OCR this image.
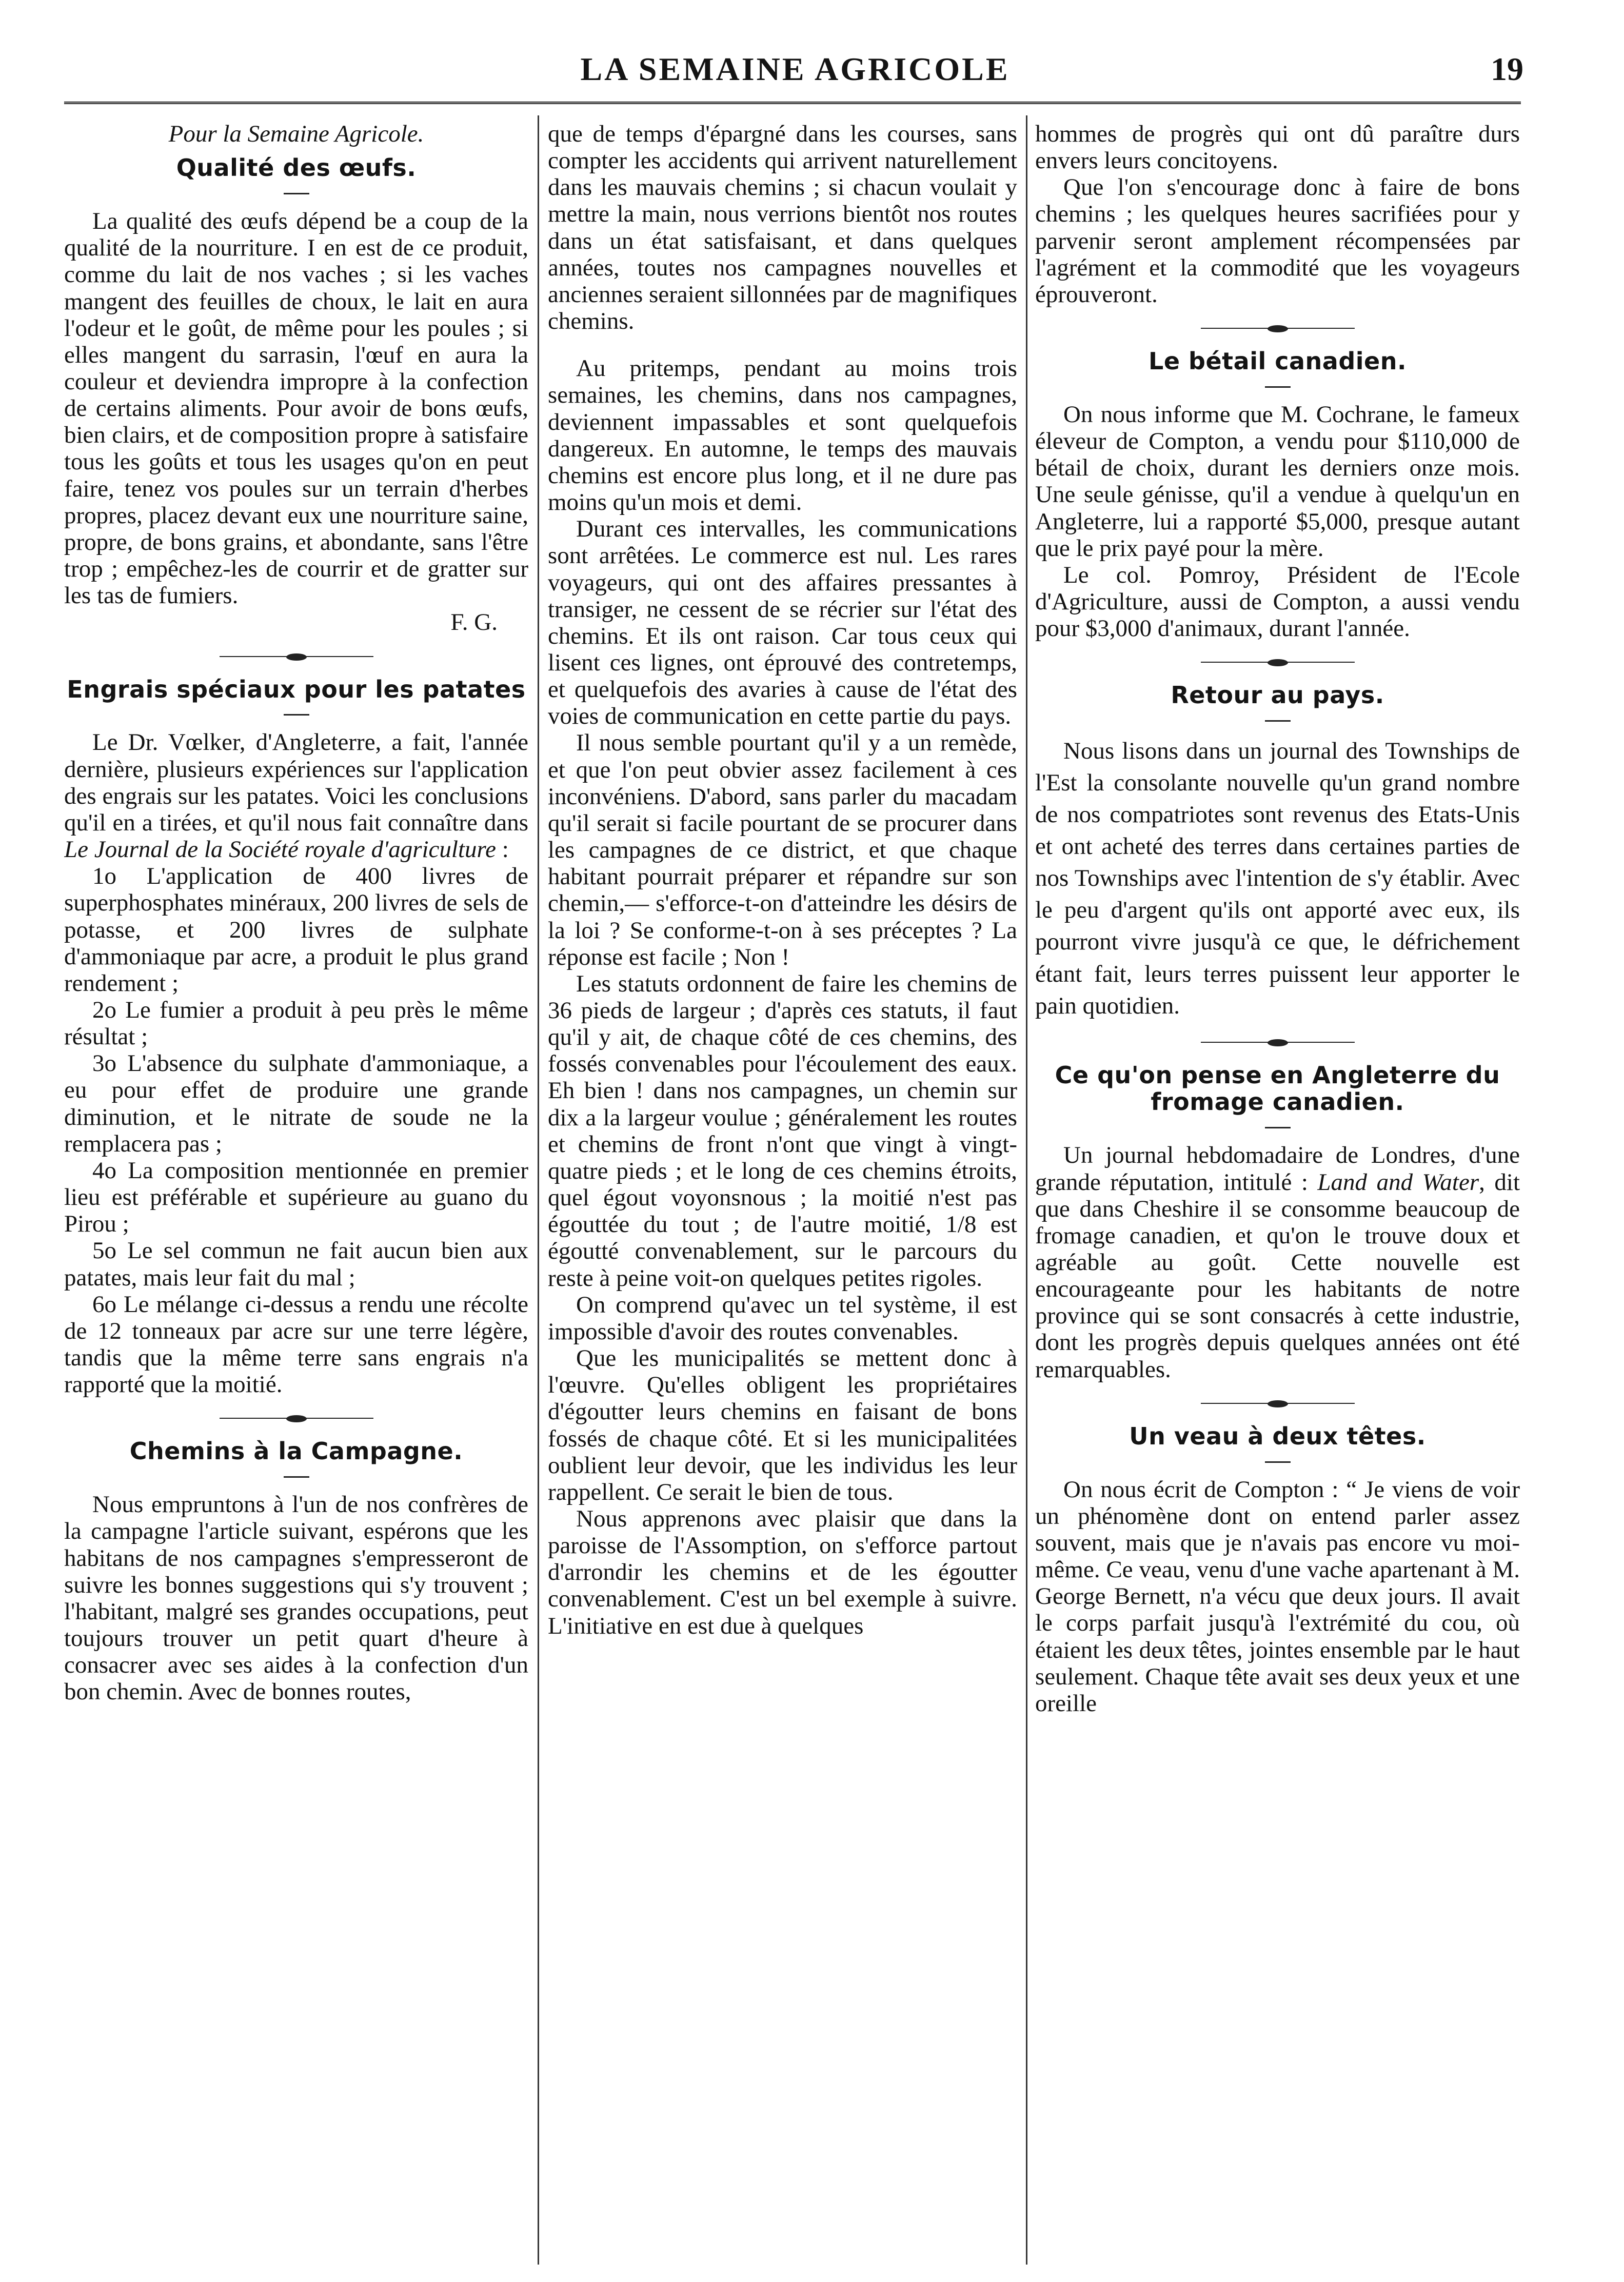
LA SEMAINE AGRICOLE	19

Pour la Semaine Agricole.

Qualité des œufs.

La qualité des œufs dépend be a coup de la qualité de la nourriture. I en est de ce produit, comme du lait de nos vaches ; si les vaches mangent des feuilles de choux, le lait en aura l'odeur et le goût, de même pour les poules ; si elles mangent du sarrasin, l'œuf en aura la couleur et deviendra impropre à la confection de certains aliments. Pour avoir de bons œufs, bien clairs, et de composition propre à satisfaire tous les goûts et tous les usages qu'on en peut faire, tenez vos poules sur un terrain d'herbes propres, placez devant eux une nourriture saine, propre, de bons grains, et abondante, sans l'être trop ; empêchez-les de courrir et de gratter sur les tas de fumiers.

F. G.

Engrais spéciaux pour les patates

Le Dr. Vœlker, d'Angleterre, a fait, l'année dernière, plusieurs expériences sur l'application des engrais sur les patates. Voici les conclusions qu'il en a tirées, et qu'il nous fait connaître dans Le Journal de la Société royale d'agriculture :

1o L'application de 400 livres de superphosphates minéraux, 200 livres de sels de potasse, et 200 livres de sulphate d'ammoniaque par acre, a produit le plus grand rendement ;

2o Le fumier a produit à peu près le même résultat ;

3o L'absence du sulphate d'ammoniaque, a eu pour effet de produire une grande diminution, et le nitrate de soude ne la remplacera pas ;

4o La composition mentionnée en premier lieu est préférable et supérieure au guano du Pirou ;

5o Le sel commun ne fait aucun bien aux patates, mais leur fait du mal ;

6o Le mélange ci-dessus a rendu une récolte de 12 tonneaux par acre sur une terre légère, tandis que la même terre sans engrais n'a rapporté que la moitié.

Chemins à la Campagne.

Nous empruntons à l'un de nos confrères de la campagne l'article suivant, espérons que les habitans de nos campagnes s'empresseront de suivre les bonnes suggestions qui s'y trouvent ; l'habitant, malgré ses grandes occupations, peut toujours trouver un petit quart d'heure à consacrer avec ses aides à la confection d'un bon chemin. Avec de bonnes routes,

que de temps d'épargné dans les courses, sans compter les accidents qui arrivent naturellement dans les mauvais chemins ; si chacun voulait y mettre la main, nous verrions bientôt nos routes dans un état satisfaisant, et dans quelques années, toutes nos campagnes nouvelles et anciennes seraient sillonnées par de magnifiques chemins.

Au pritemps, pendant au moins trois semaines, les chemins, dans nos campagnes, deviennent impassables et sont quelquefois dangereux. En automne, le temps des mauvais chemins est encore plus long, et il ne dure pas moins qu'un mois et demi.

Durant ces intervalles, les communications sont arrêtées. Le commerce est nul. Les rares voyageurs, qui ont des affaires pressantes à transiger, ne cessent de se récrier sur l'état des chemins. Et ils ont raison. Car tous ceux qui lisent ces lignes, ont éprouvé des contretemps, et quelquefois des avaries à cause de l'état des voies de communication en cette partie du pays.

Il nous semble pourtant qu'il y a un remède, et que l'on peut obvier assez facilement à ces inconvéniens. D'abord, sans parler du macadam qu'il serait si facile pourtant de se procurer dans les campagnes de ce district, et que chaque habitant pourrait préparer et répandre sur son chemin,— s'efforce-t-on d'atteindre les désirs de la loi ? Se conforme-t-on à ses préceptes ? La réponse est facile ; Non !

Les statuts ordonnent de faire les chemins de 36 pieds de largeur ; d'après ces statuts, il faut qu'il y ait, de chaque côté de ces chemins, des fossés convenables pour l'écoulement des eaux. Eh bien ! dans nos campagnes, un chemin sur dix a la largeur voulue ; généralement les routes et chemins de front n'ont que vingt à vingt-quatre pieds ; et le long de ces chemins étroits, quel égout voyonsnous ; la moitié n'est pas égouttée du tout ; de l'autre moitié, 1/8 est égoutté convenablement, sur le parcours du reste à peine voit-on quelques petites rigoles.

On comprend qu'avec un tel système, il est impossible d'avoir des routes convenables.

Que les municipalités se mettent donc à l'œuvre. Qu'elles obligent les propriétaires d'égoutter leurs chemins en faisant de bons fossés de chaque côté. Et si les municipalitées oublient leur devoir, que les individus les leur rappellent. Ce serait le bien de tous.

Nous apprenons avec plaisir que dans la paroisse de l'Assomption, on s'efforce partout d'arrondir les chemins et de les égoutter convenablement. C'est un bel exemple à suivre. L'initiative en est due à quelques

hommes de progrès qui ont dû paraître durs envers leurs concitoyens.

Que l'on s'encourage donc à faire de bons chemins ; les quelques heures sacrifiées pour y parvenir seront amplement récompensées par l'agrément et la commodité que les voyageurs éprouveront.

Le bétail canadien.

On nous informe que M. Cochrane, le fameux éleveur de Compton, a vendu pour $110,000 de bétail de choix, durant les derniers onze mois. Une seule génisse, qu'il a vendue à quelqu'un en Angleterre, lui a rapporté $5,000, presque autant que le prix payé pour la mère.

Le col. Pomroy, Président de l'Ecole d'Agriculture, aussi de Compton, a aussi vendu pour $3,000 d'animaux, durant l'année.

Retour au pays.

Nous lisons dans un journal des Townships de l'Est la consolante nouvelle qu'un grand nombre de nos compatriotes sont revenus des Etats-Unis et ont acheté des terres dans certaines parties de nos Townships avec l'intention de s'y établir. Avec le peu d'argent qu'ils ont apporté avec eux, ils pourront vivre jusqu'à ce que, le défrichement étant fait, leurs terres puissent leur apporter le pain quotidien.

Ce qu'on pense en Angleterre du fromage canadien.

Un journal hebdomadaire de Londres, d'une grande réputation, intitulé : Land and Water, dit que dans Cheshire il se consomme beaucoup de fromage canadien, et qu'on le trouve doux et agréable au goût. Cette nouvelle est encourageante pour les habitants de notre province qui se sont consacrés à cette industrie, dont les progrès depuis quelques années ont été remarquables.

Un veau à deux têtes.

On nous écrit de Compton : “ Je viens de voir un phénomène dont on entend parler assez souvent, mais que je n'avais pas encore vu moi-même. Ce veau, venu d'une vache apartenant à M. George Bernett, n'a vécu que deux jours. Il avait le corps parfait jusqu'à l'extrémité du cou, où étaient les deux têtes, jointes ensemble par le haut seulement. Chaque tête avait ses deux yeux et une oreille
